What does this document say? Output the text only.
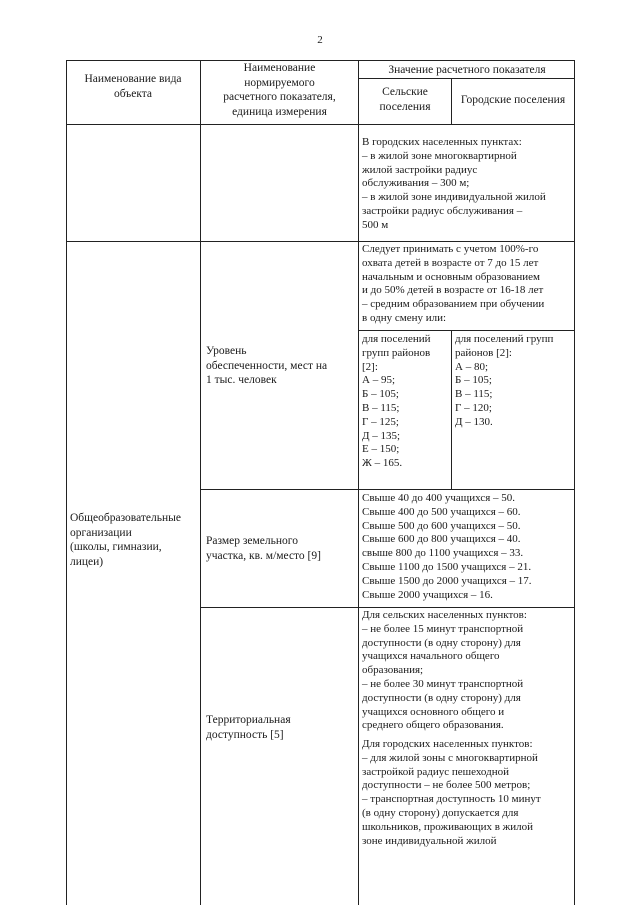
2
Наименование вида
объекта
Наименование
нормируемого
расчетного показателя,
единица измерения
Значение расчетного показателя
Сельские
поселения
Городские поселения
В городских населенных пунктах:
– в жилой зоне многоквартирной
жилой застройки радиус
обслуживания – 300 м;
– в жилой зоне индивидуальной жилой
застройки радиус обслуживания –
500 м
Общеобразовательные
организации
(школы, гимназии,
лицеи)
Уровень
обеспеченности, мест на
1 тыс. человек
Следует принимать с учетом 100%-го
охвата детей в возрасте от 7 до 15 лет
начальным и основным образованием
и до 50% детей в возрасте от 16-18 лет
– средним образованием при обучении
в одну смену или:
для поселений
групп районов
[2]:
А – 95;
Б – 105;
В – 115;
Г – 125;
Д – 135;
Е – 150;
Ж – 165.
для поселений групп
районов [2]:
А – 80;
Б – 105;
В – 115;
Г – 120;
Д – 130.
Размер земельного
участка, кв. м/место [9]
Свыше 40 до 400 учащихся – 50.
Свыше 400 до 500 учащихся – 60.
Свыше 500 до 600 учащихся – 50.
Свыше 600 до 800 учащихся – 40.
свыше 800 до 1100 учащихся – 33.
Свыше 1100 до 1500 учащихся – 21.
Свыше 1500 до 2000 учащихся – 17.
Свыше 2000 учащихся – 16.
Территориальная
доступность [5]
Для сельских населенных пунктов:
– не более 15 минут транспортной
доступности (в одну сторону) для
учащихся начального общего
образования;
– не более 30 минут транспортной
доступности (в одну сторону) для
учащихся основного общего и
среднего общего образования.
Для городских населенных пунктов:
– для жилой зоны с многоквартирной
застройкой радиус пешеходной
доступности – не более 500 метров;
– транспортная доступность 10 минут
(в одну сторону) допускается для
школьников, проживающих в жилой
зоне индивидуальной жилой
